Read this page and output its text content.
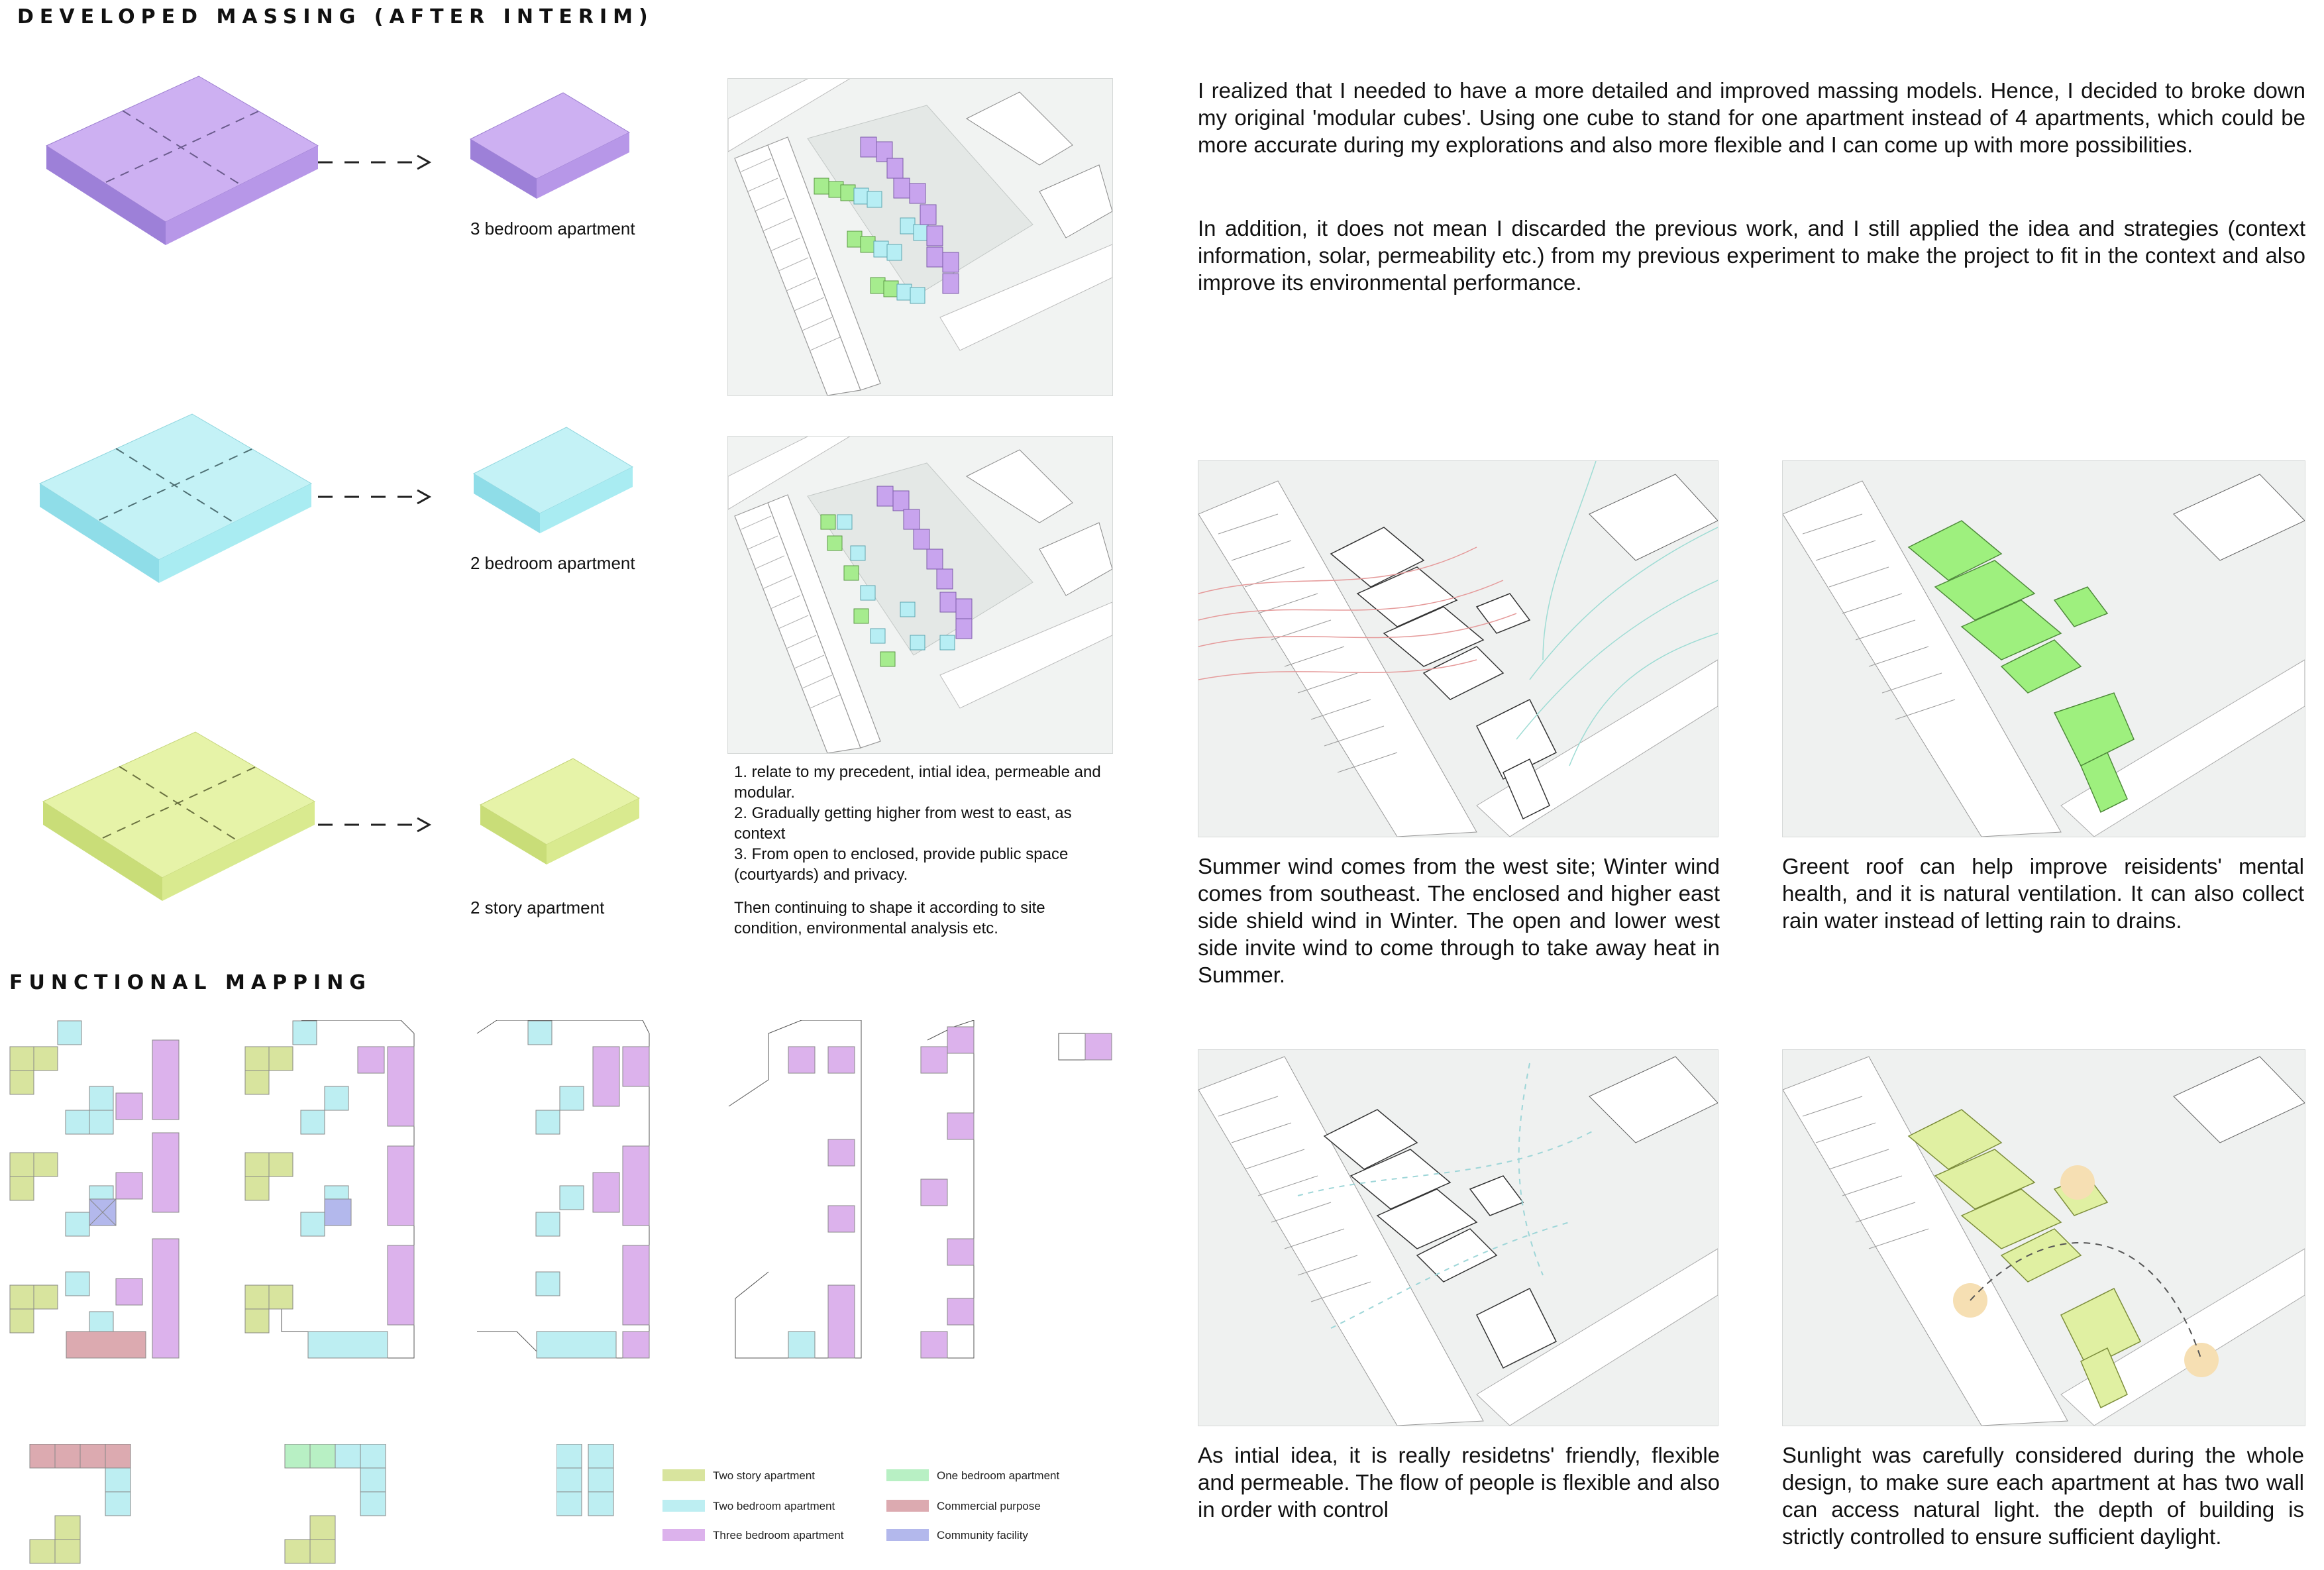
DEVELOPED MASSING (AFTER INTERIM)
FUNCTIONAL MAPPING
3 bedroom apartment
2 bedroom apartment
2 story apartment
1. relate to my precedent, intial idea, permeable and modular.
2. Gradually getting higher from west to east, as context
3. From open to enclosed, provide public space (courtyards) and privacy.
Then continuing to shape it according to site condition, environmental analysis etc.
I realized that I needed to have a more detailed and improved massing models. Hence, I decided to broke down my original 'modular cubes'. Using one cube to stand for one apartment instead of 4 apartments, which could be more accurate during my explorations and also more flexible and I can come up with more possibilities.
In addition, it does not mean I discarded the previous work, and I still applied the idea and strategies (context information, solar, permeability etc.) from my previous experiment to make the project to fit in the context and also improve its environmental performance.
Summer wind comes from the west site; Winter wind comes from southeast. The enclosed and higher east side shield wind in Winter. The open and lower west side invite wind to come through to take away heat in Summer.
Greent roof can help improve reisidents' mental health, and it is natural ventilation. It can also collect rain water instead of letting rain to drains.
As intial idea, it is really residetns' friendly, flexible and permeable. The flow of people is flexible and also in order with control
Sunlight was carefully considered during the whole design, to make sure each apartment at has two wall can access natural light. the depth of building is strictly controlled to ensure sufficient daylight.
Two story apartment	One bedroom apartment
Two bedroom apartment	Commercial purpose
Three bedroom apartment	Community facility
